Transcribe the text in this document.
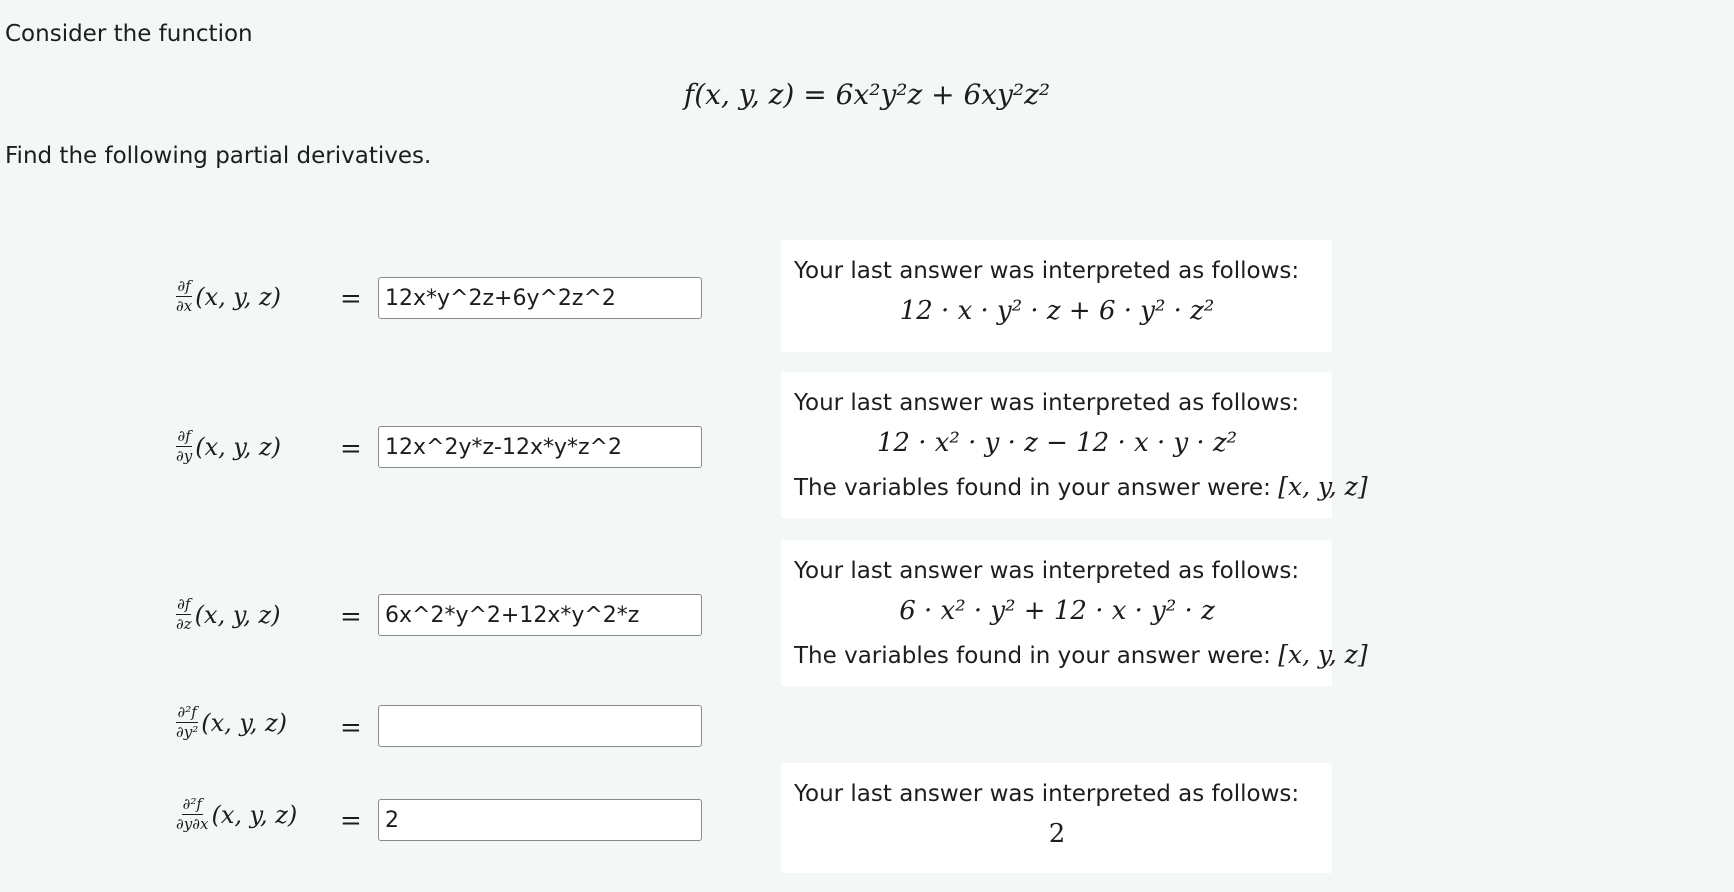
Consider the function
f(x, y, z) = 6x²y²z + 6xy²z²
Find the following partial derivatives.
$\frac{\partial f}{\partial x} (x$, y, z) =
12x*y^2z+6y^2z^2
Your last answer was interpreted as follows:
12 · x · y² · z + 6 · y² · z²
$\frac{\partial f}{\partial y} (x$, y, z) =
12x^2y*z-12x*y*z^2
Your last answer was interpreted as follows:
12 · x² · y · z − 12 · x · y · z²
The variables found in your answer were: [x, y, z]
$\frac{\partial f}{\partial z} (x$, y, z) =
6x^2*y^2+12x*y^2*z
Your last answer was interpreted as follows:
6 · x² · y² + 12 · x · y² · z
The variables found in your answer were: [x, y, z]
$\frac{\text{∂²f}}{\text{∂y²}} (x$, y, z) =
$\frac{\text{∂²f}}{\partial y\partial x} (x$, y, z) =
2
Your last answer was interpreted as follows:
2
